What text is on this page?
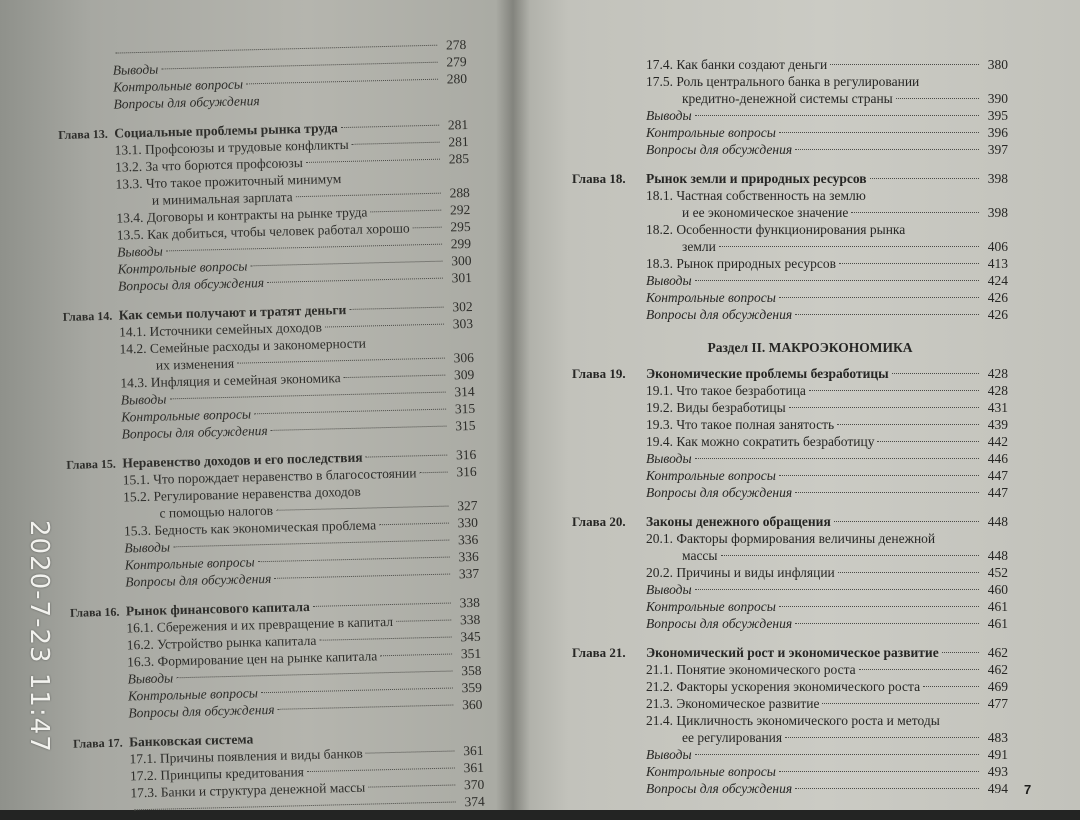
278
Выводы	279
Контрольные вопросы	280
Вопросы для обсуждения
Глава 13. Социальные проблемы рынка труда	281
13.1. Профсоюзы и трудовые конфликты	281
13.2. За что борются профсоюзы	285
13.3. Что такое прожиточный минимум
и минимальная зарплата	288
13.4. Договоры и контракты на рынке труда	292
13.5. Как добиться, чтобы человек работал хорошо	295
Выводы	299
Контрольные вопросы	300
Вопросы для обсуждения	301
Глава 14. Как семьи получают и тратят деньги	302
14.1. Источники семейных доходов	303
14.2. Семейные расходы и закономерности
их изменения	306
14.3. Инфляция и семейная экономика	309
Выводы	314
Контрольные вопросы	315
Вопросы для обсуждения	315
Глава 15. Неравенство доходов и его последствия	316
15.1. Что порождает неравенство в благосостоянии	316
15.2. Регулирование неравенства доходов
с помощью налогов	327
15.3. Бедность как экономическая проблема	330
Выводы	336
Контрольные вопросы	336
Вопросы для обсуждения	337
Глава 16. Рынок финансового капитала	338
16.1. Сбережения и их превращение в капитал	338
16.2. Устройство рынка капитала	345
16.3. Формирование цен на рынке капитала	351
Выводы	358
Контрольные вопросы	359
Вопросы для обсуждения	360
Глава 17. Банковская система
17.1. Причины появления и виды банков	361
17.2. Принципы кредитования	361
17.3. Банки и структура денежной массы	370
374
17.4. Как банки создают деньги	380
17.5. Роль центрального банка в регулировании
кредитно-денежной системы страны	390
Выводы	395
Контрольные вопросы	396
Вопросы для обсуждения	397
Глава 18. Рынок земли и природных ресурсов	398
18.1. Частная собственность на землю
и ее экономическое значение	398
18.2. Особенности функционирования рынка
земли	406
18.3. Рынок природных ресурсов	413
Выводы	424
Контрольные вопросы	426
Вопросы для обсуждения	426
Раздел II. МАКРОЭКОНОМИКА
Глава 19. Экономические проблемы безработицы	428
19.1. Что такое безработица	428
19.2. Виды безработицы	431
19.3. Что такое полная занятость	439
19.4. Как можно сократить безработицу	442
Выводы	446
Контрольные вопросы	447
Вопросы для обсуждения	447
Глава 20. Законы денежного обращения	448
20.1. Факторы формирования величины денежной
массы	448
20.2. Причины и виды инфляции	452
Выводы	460
Контрольные вопросы	461
Вопросы для обсуждения	461
Глава 21. Экономический рост и экономическое развитие	462
21.1. Понятие экономического роста	462
21.2. Факторы ускорения экономического роста	469
21.3. Экономическое развитие	477
21.4. Цикличность экономического роста и методы
ее регулирования	483
Выводы	491
Контрольные вопросы	493
Вопросы для обсуждения	494 7
2020-7-23 11:47
